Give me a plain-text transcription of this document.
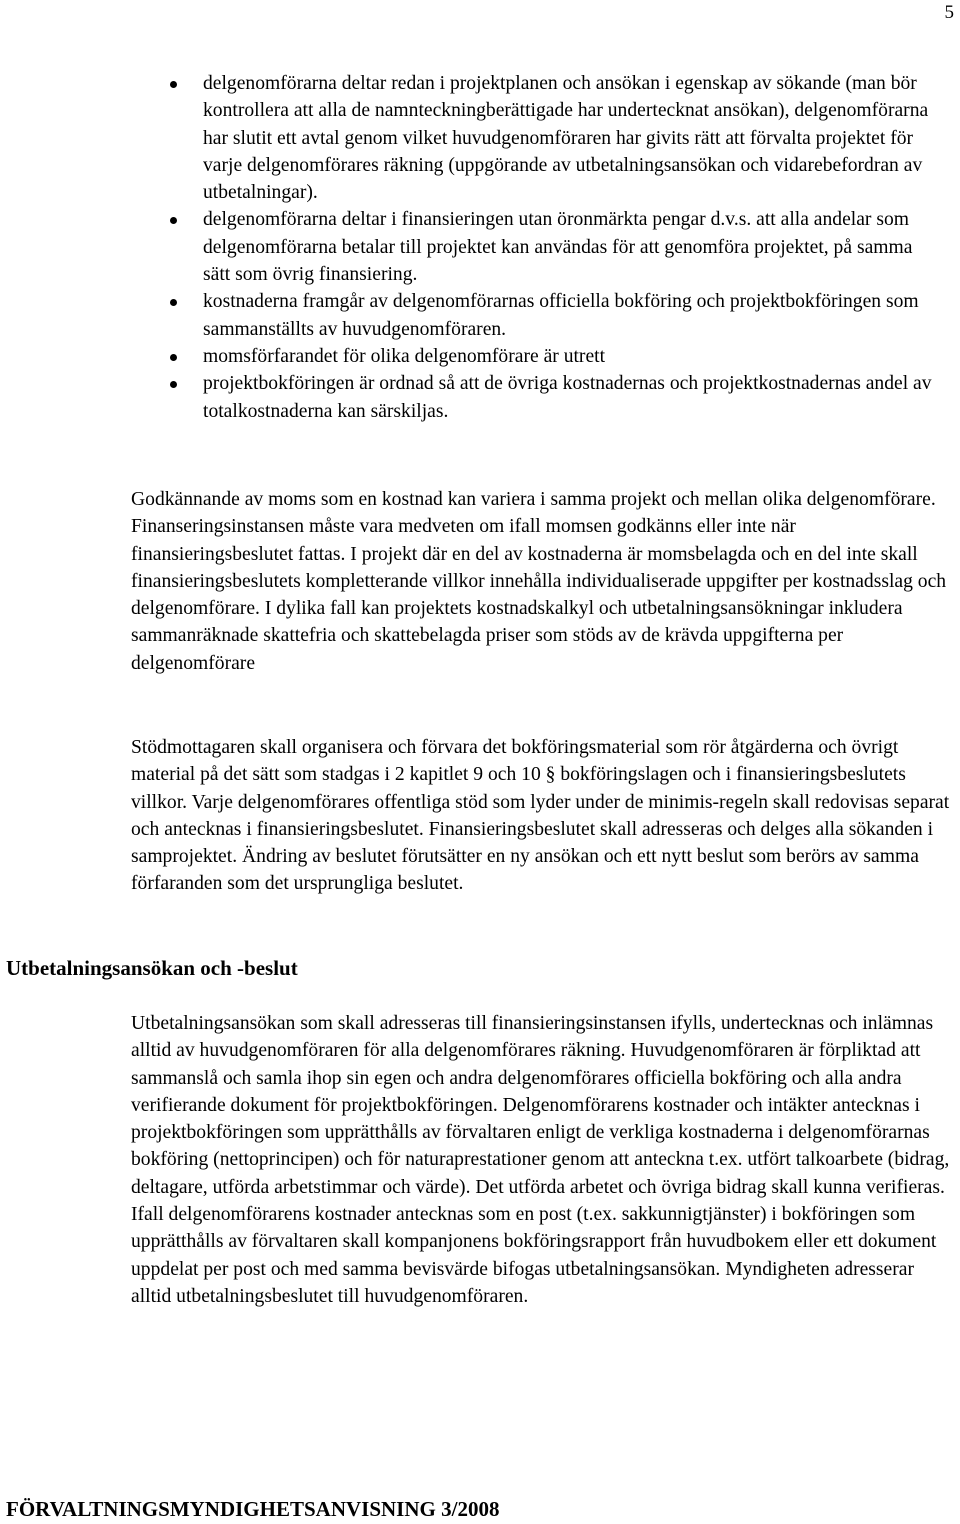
5
delgenomförarna deltar redan i projektplanen och ansökan i egenskap av sökande (man bör kontrollera att alla de namnteckningberättigade har undertecknat ansökan), delgenomförarna har slutit ett avtal genom vilket huvudgenomföraren har givits rätt att förvalta projektet för varje delgenomförares räkning (uppgörande av utbetalningsansökan och vidarebefordran av utbetalningar).
delgenomförarna deltar i finansieringen utan öronmärkta pengar d.v.s. att alla andelar som delgenomförarna betalar till projektet kan användas för att genomföra projektet, på samma sätt som övrig finansiering.
kostnaderna framgår av delgenomförarnas officiella bokföring och projektbokföringen som sammanställts av huvudgenomföraren.
momsförfarandet för olika delgenomförare är utrett
projektbokföringen är ordnad så att de övriga kostnadernas och projektkostnadernas andel av totalkostnaderna kan särskiljas.

Godkännande av moms som en kostnad kan variera i samma projekt och mellan olika delgenomförare. Finanseringsinstansen måste vara medveten om ifall momsen godkänns eller inte när finansieringsbeslutet fattas. I projekt där en del av kostnaderna är momsbelagda och en del inte skall finansieringsbeslutets kompletterande villkor innehålla individualiserade uppgifter per kostnadsslag och delgenomförare. I dylika fall kan projektets kostnadskalkyl och utbetalningsansökningar inkludera sammanräknade skattefria och skattebelagda priser som stöds av de krävda uppgifterna per delgenomförare

Stödmottagaren skall organisera och förvara det bokföringsmaterial som rör åtgärderna och övrigt material på det sätt som stadgas i 2 kapitlet 9 och 10 § bokföringslagen och i finansieringsbeslutets villkor. Varje delgenomförares offentliga stöd som lyder under de minimis-regeln skall redovisas separat och antecknas i finansieringsbeslutet. Finansieringsbeslutet skall adresseras och delges alla sökanden i samprojektet. Ändring av beslutet förutsätter en ny ansökan och ett nytt beslut som berörs av samma förfaranden som det ursprungliga beslutet.

Utbetalningsansökan och -beslut

Utbetalningsansökan som skall adresseras till finansieringsinstansen ifylls, undertecknas och inlämnas alltid av huvudgenomföraren för alla delgenomförares räkning. Huvudgenomföraren är förpliktad att sammanslå och samla ihop sin egen och andra delgenomförares officiella bokföring och alla andra verifierande dokument för projektbokföringen. Delgenomförarens kostnader och intäkter antecknas i projektbokföringen som upprätthålls av förvaltaren enligt de verkliga kostnaderna i delgenomförarnas bokföring (nettoprincipen) och för naturaprestationer genom att anteckna t.ex. utfört talkoarbete (bidrag, deltagare, utförda arbetstimmar och värde). Det utförda arbetet och övriga bidrag skall kunna verifieras. Ifall delgenomförarens kostnader antecknas som en post (t.ex. sakkunnigtjänster) i bokföringen som upprätthålls av förvaltaren skall kompanjonens bokföringsrapport från huvudbokem eller ett dokument uppdelat per post och med samma bevisvärde bifogas utbetalningsansökan. Myndigheten adresserar alltid utbetalningsbeslutet till huvudgenomföraren.

FÖRVALTNINGSMYNDIGHETSANVISNING 3/2008
